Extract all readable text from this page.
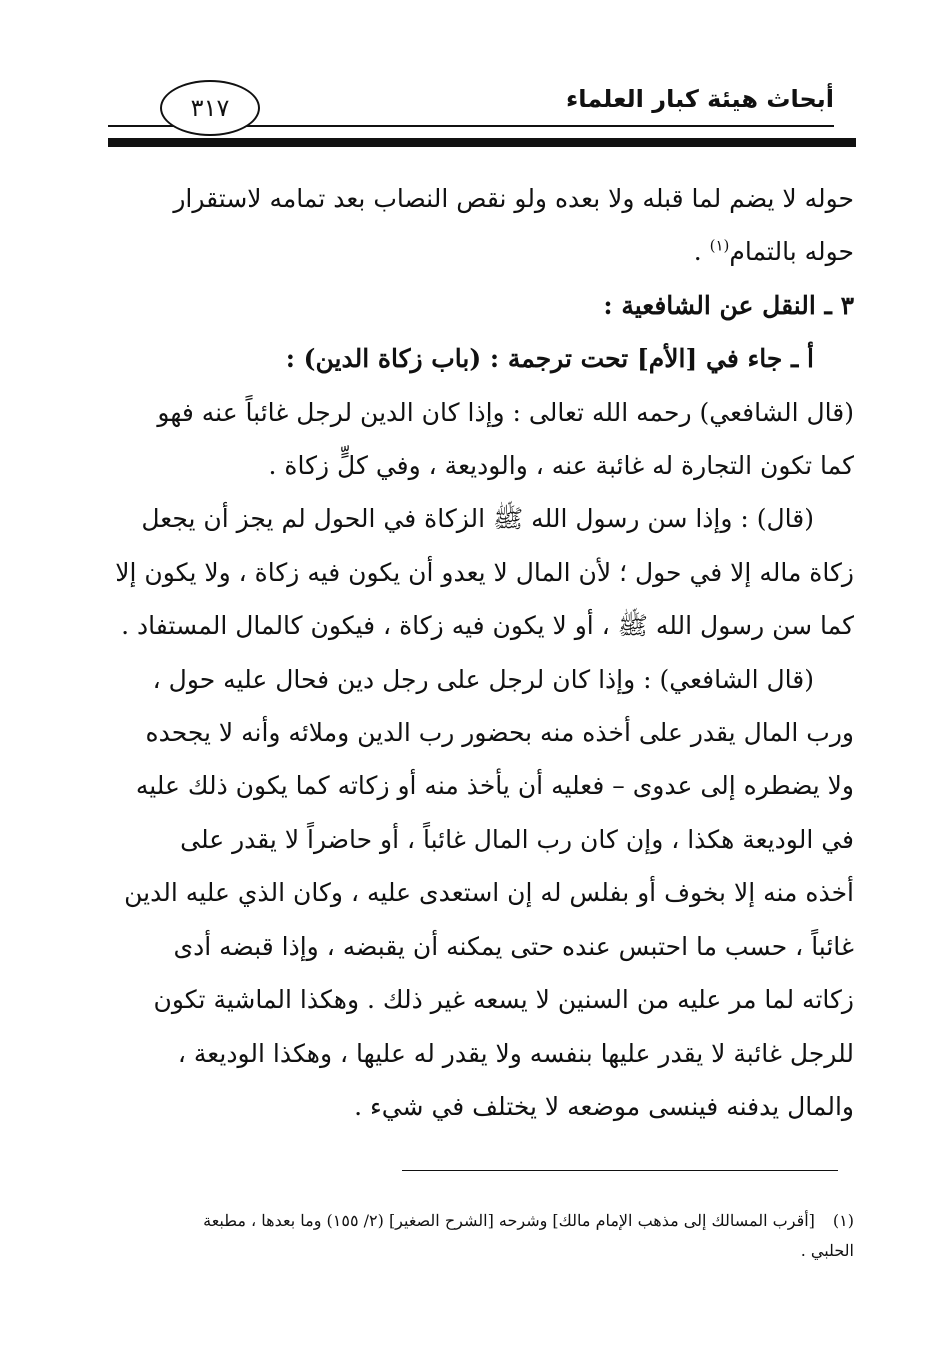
أبحاث هيئة كبار العلماء
٣١٧
حوله لا يضم لما قبله ولا بعده ولو نقص النصاب بعد تمامه لاستقرار
حوله بالتمام$^{(١)}$ .
٣ ـ النقل عن الشافعية :
أ ـ جاء في [الأم] تحت ترجمة : (باب زكاة الدين) :
(قال الشافعي) رحمه الله تعالى : وإذا كان الدين لرجل غائباً عنه فهو
كما تكون التجارة له غائبة عنه ، والوديعة ، وفي كلٍّ زكاة .
(قال) : وإذا سن رسول الله ﷺ الزكاة في الحول لم يجز أن يجعل
زكاة ماله إلا في حول ؛ لأن المال لا يعدو أن يكون فيه زكاة ، ولا يكون إلا
كما سن رسول الله ﷺ ، أو لا يكون فيه زكاة ، فيكون كالمال المستفاد .
(قال الشافعي) : وإذا كان لرجل على رجل دين فحال عليه حول ،
ورب المال يقدر على أخذه منه بحضور رب الدين وملائه وأنه لا يجحده
ولا يضطره إلى عدوى – فعليه أن يأخذ منه أو زكاته كما يكون ذلك عليه
في الوديعة هكذا ، وإن كان رب المال غائباً ، أو حاضراً لا يقدر على
أخذه منه إلا بخوف أو بفلس له إن استعدى عليه ، وكان الذي عليه الدين
غائباً ، حسب ما احتبس عنده حتى يمكنه أن يقبضه ، وإذا قبضه أدى
زكاته لما مر عليه من السنين لا يسعه غير ذلك . وهكذا الماشية تكون
للرجل غائبة لا يقدر عليها بنفسه ولا يقدر له عليها ، وهكذا الوديعة ،
والمال يدفنه فينسى موضعه لا يختلف في شيء .
(١)[أقرب المسالك إلى مذهب الإمام مالك] وشرحه [الشرح الصغير] (٢/ ١٥٥) وما بعدها ، مطبعة
الحلبي .
